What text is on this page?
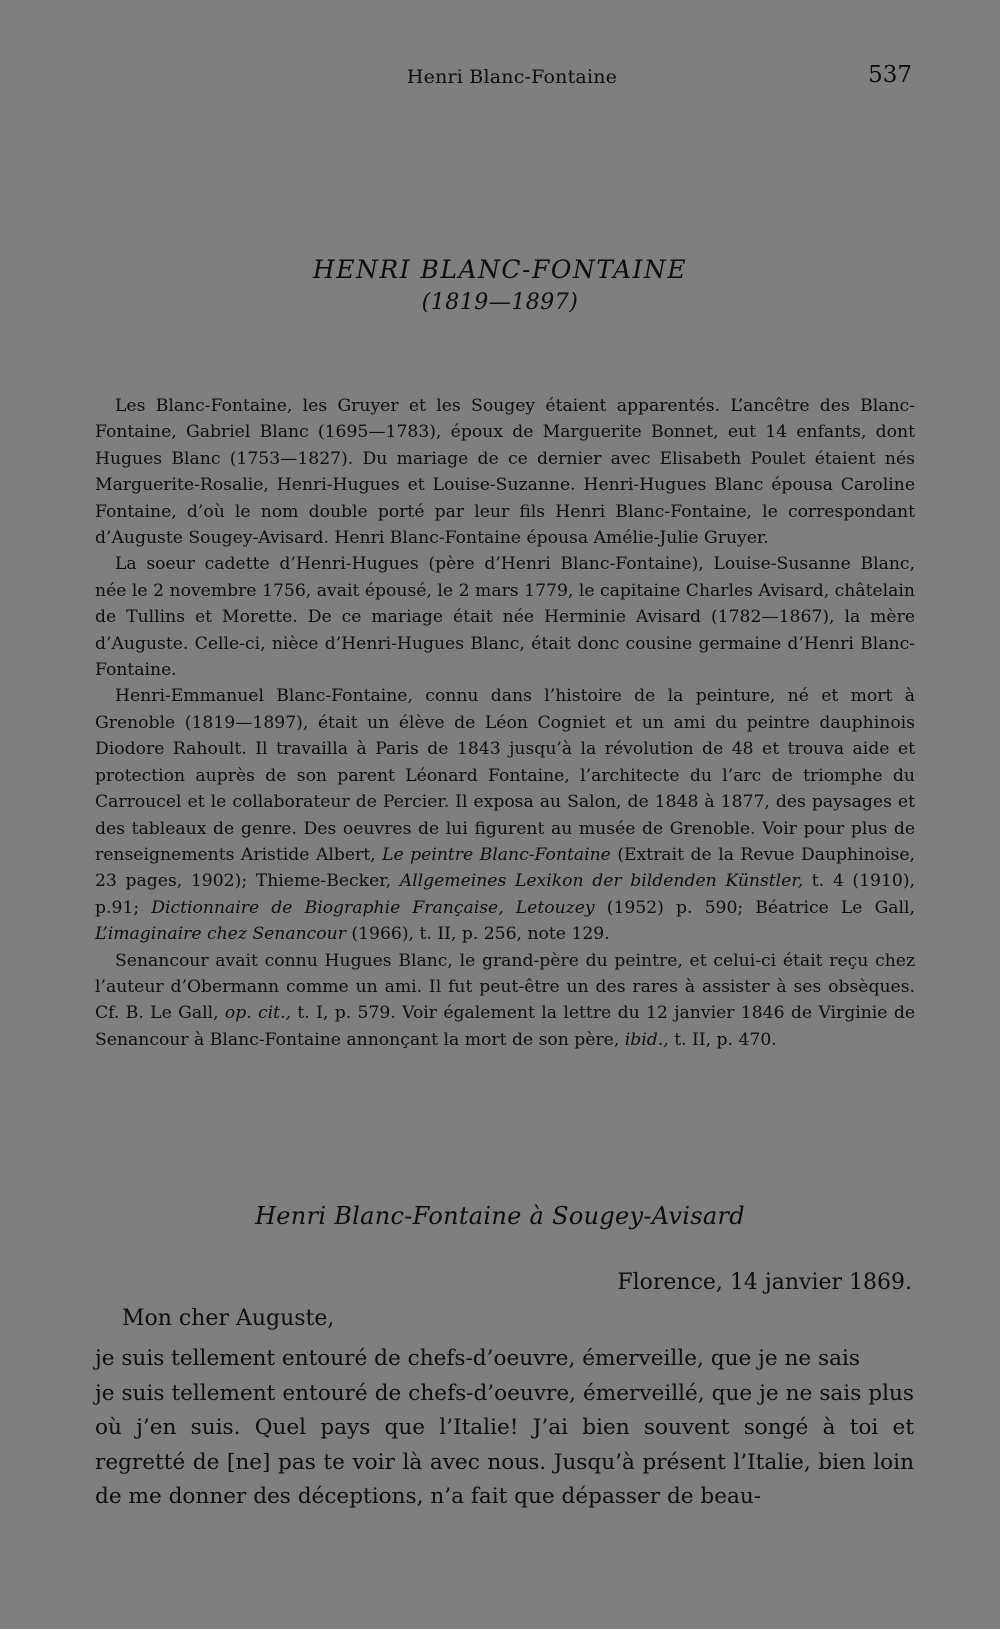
Henri Blanc-Fontaine	537
HENRI BLANC-FONTAINE
(1819—1897)

Les Blanc-Fontaine, les Gruyer et les Sougey étaient apparentés. L’ancêtre des Blanc-Fontaine, Gabriel Blanc (1695—1783), époux de Marguerite Bonnet, eut 14 enfants, dont Hugues Blanc (1753—1827). Du mariage de ce dernier avec Elisabeth Poulet étaient nés Marguerite-Rosalie, Henri-Hugues et Louise-Suzanne. Henri-Hugues Blanc épousa Caroline Fontaine, d’où le nom double porté par leur fils Henri Blanc-Fontaine, le correspondant d’Auguste Sougey-Avisard. Henri Blanc-Fontaine épousa Amélie-Julie Gruyer.

La soeur cadette d’Henri-Hugues (père d’Henri Blanc-Fontaine), Louise-Susanne Blanc, née le 2 novembre 1756, avait épousé, le 2 mars 1779, le capitaine Charles Avisard, châtelain de Tullins et Morette. De ce mariage était née Herminie Avisard (1782—1867), la mère d’Auguste. Celle-ci, nièce d’Henri-Hugues Blanc, était donc cousine germaine d’Henri Blanc-Fontaine.

Henri-Emmanuel Blanc-Fontaine, connu dans l’histoire de la peinture, né et mort à Grenoble (1819—1897), était un élève de Léon Cogniet et un ami du peintre dauphinois Diodore Rahoult. Il travailla à Paris de 1843 jusqu’à la révolution de 48 et trouva aide et protection auprès de son parent Léonard Fontaine, l’architecte du l’arc de triomphe du Carroucel et le collaborateur de Percier. Il exposa au Salon, de 1848 à 1877, des paysages et des tableaux de genre. Des oeuvres de lui figurent au musée de Grenoble. Voir pour plus de renseignements Aristide Albert, Le peintre Blanc-Fontaine (Extrait de la Revue Dauphinoise, 23 pages, 1902); Thieme-Becker, Allgemeines Lexikon der bildenden Künstler, t. 4 (1910), p.91; Dictionnaire de Biographie Française, Letouzey (1952) p. 590; Béatrice Le Gall, L’imaginaire chez Senancour (1966), t. II, p. 256, note 129.

Senancour avait connu Hugues Blanc, le grand-père du peintre, et celui-ci était reçu chez l’auteur d’Obermann comme un ami. Il fut peut-être un des rares à assister à ses obsèques. Cf. B. Le Gall, op. cit., t. I, p. 579. Voir également la lettre du 12 janvier 1846 de Virginie de Senancour à Blanc-Fontaine annonçant la mort de son père, ibid., t. II, p. 470.

Henri Blanc-Fontaine à Sougey-Avisard
Florence, 14 janvier 1869.
Mon cher Auguste,

je suis tellement entouré de chefs-d’oeuvre, émerveille, que je ne sais

je suis tellement entouré de chefs-d’oeuvre, émerveillé, que je ne sais plus où j’en suis. Quel pays que l’Italie! J’ai bien souvent songé à toi et regretté de [ne] pas te voir là avec nous. Jusqu’à présent l’Italie, bien loin de me donner des déceptions, n’a fait que dépasser de beau-
